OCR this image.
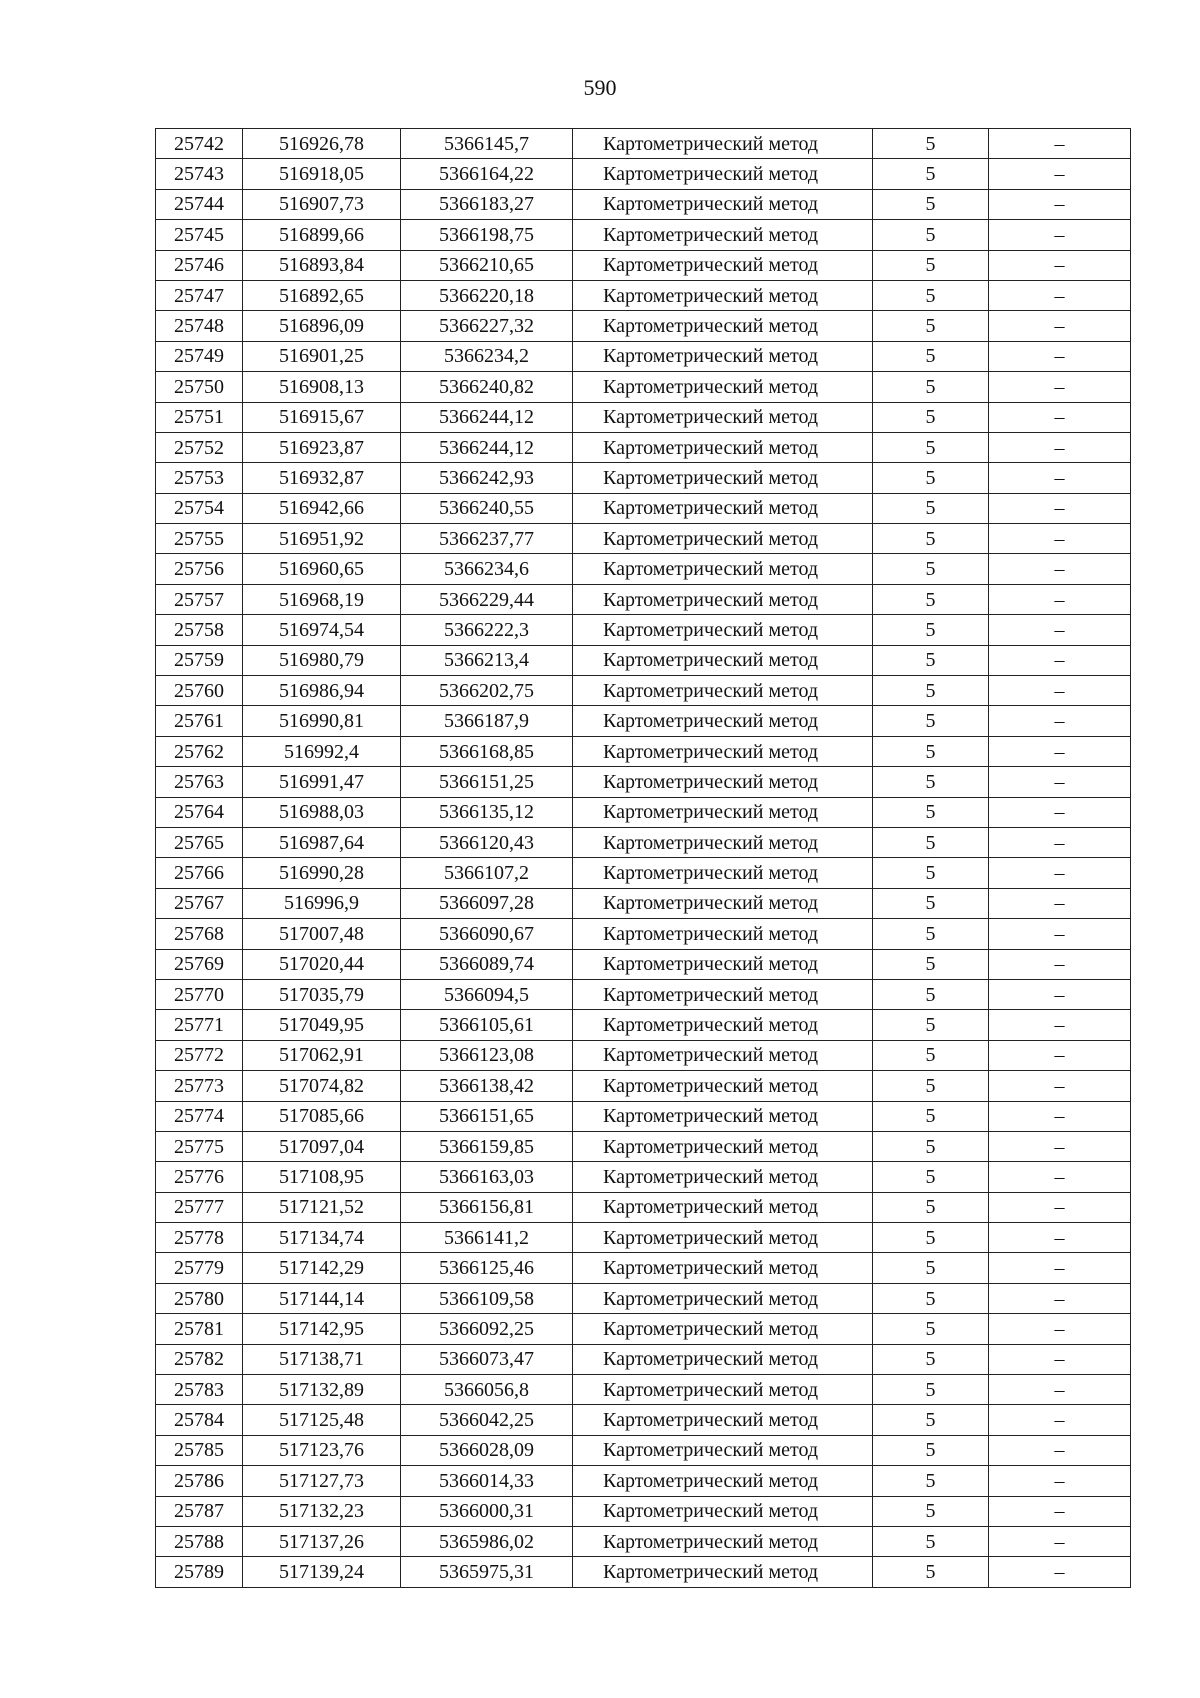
590
25742	516926,78	5366145,7	Картометрический метод	5	–
25743	516918,05	5366164,22	Картометрический метод	5	–
25744	516907,73	5366183,27	Картометрический метод	5	–
25745	516899,66	5366198,75	Картометрический метод	5	–
25746	516893,84	5366210,65	Картометрический метод	5	–
25747	516892,65	5366220,18	Картометрический метод	5	–
25748	516896,09	5366227,32	Картометрический метод	5	–
25749	516901,25	5366234,2	Картометрический метод	5	–
25750	516908,13	5366240,82	Картометрический метод	5	–
25751	516915,67	5366244,12	Картометрический метод	5	–
25752	516923,87	5366244,12	Картометрический метод	5	–
25753	516932,87	5366242,93	Картометрический метод	5	–
25754	516942,66	5366240,55	Картометрический метод	5	–
25755	516951,92	5366237,77	Картометрический метод	5	–
25756	516960,65	5366234,6	Картометрический метод	5	–
25757	516968,19	5366229,44	Картометрический метод	5	–
25758	516974,54	5366222,3	Картометрический метод	5	–
25759	516980,79	5366213,4	Картометрический метод	5	–
25760	516986,94	5366202,75	Картометрический метод	5	–
25761	516990,81	5366187,9	Картометрический метод	5	–
25762	516992,4	5366168,85	Картометрический метод	5	–
25763	516991,47	5366151,25	Картометрический метод	5	–
25764	516988,03	5366135,12	Картометрический метод	5	–
25765	516987,64	5366120,43	Картометрический метод	5	–
25766	516990,28	5366107,2	Картометрический метод	5	–
25767	516996,9	5366097,28	Картометрический метод	5	–
25768	517007,48	5366090,67	Картометрический метод	5	–
25769	517020,44	5366089,74	Картометрический метод	5	–
25770	517035,79	5366094,5	Картометрический метод	5	–
25771	517049,95	5366105,61	Картометрический метод	5	–
25772	517062,91	5366123,08	Картометрический метод	5	–
25773	517074,82	5366138,42	Картометрический метод	5	–
25774	517085,66	5366151,65	Картометрический метод	5	–
25775	517097,04	5366159,85	Картометрический метод	5	–
25776	517108,95	5366163,03	Картометрический метод	5	–
25777	517121,52	5366156,81	Картометрический метод	5	–
25778	517134,74	5366141,2	Картометрический метод	5	–
25779	517142,29	5366125,46	Картометрический метод	5	–
25780	517144,14	5366109,58	Картометрический метод	5	–
25781	517142,95	5366092,25	Картометрический метод	5	–
25782	517138,71	5366073,47	Картометрический метод	5	–
25783	517132,89	5366056,8	Картометрический метод	5	–
25784	517125,48	5366042,25	Картометрический метод	5	–
25785	517123,76	5366028,09	Картометрический метод	5	–
25786	517127,73	5366014,33	Картометрический метод	5	–
25787	517132,23	5366000,31	Картометрический метод	5	–
25788	517137,26	5365986,02	Картометрический метод	5	–
25789	517139,24	5365975,31	Картометрический метод	5	–
